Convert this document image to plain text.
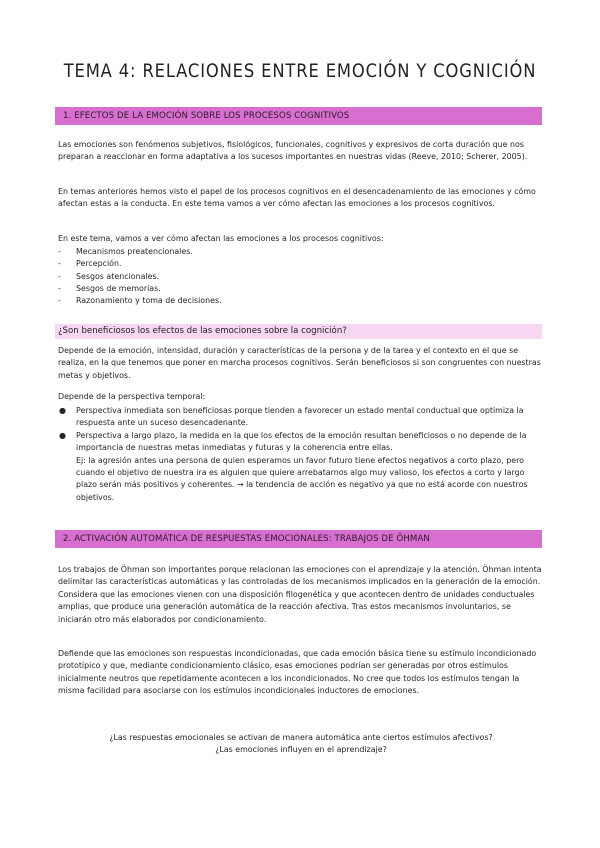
TEMA 4: RELACIONES ENTRE EMOCIÓN Y COGNICIÓN
1. EFECTOS DE LA EMOCIÓN SOBRE LOS PROCESOS COGNITIVOS

Las emociones son fenómenos subjetivos, fisiológicos, funcionales, cognitivos y expresivos de corta duración que nos preparan a reaccionar en forma adaptativa a los sucesos importantes en nuestras vidas (Reeve, 2010; Scherer, 2005).

En temas anteriores hemos visto el papel de los procesos cognitivos en el desencadenamiento de las emociones y cómo afectan estas a la conducta. En este tema vamos a ver cómo afectan las emociones a los procesos cognitivos.

En este tema, vamos a ver cómo afectan las emociones a los procesos cognitivos:

- Mecanismos preatencionales.
- Percepción.
- Sesgos atencionales.
- Sesgos de memorias.
- Razonamiento y toma de decisiones.
¿Son beneficiosos los efectos de las emociones sobre la cognición?

Depende de la emoción, intensidad, duración y características de la persona y de la tarea y el contexto en el que se realiza, en la que tenemos que poner en marcha procesos cognitivos. Serán beneficiosos si son congruentes con nuestras metas y objetivos.

Depende de la perspectiva temporal:

● Perspectiva inmediata son beneficiosas porque tienden a favorecer un estado mental conductual que optimiza la respuesta ante un suceso desencadenante.
● Perspectiva a largo plazo, la medida en la que los efectos de la emoción resultan beneficiosos o no depende de la importancia de nuestras metas inmediatas y futuras y la coherencia entre ellas.
Ej: la agresión antes una persona de quien esperamos un favor futuro tiene efectos negativos a corto plazo, pero cuando el objetivo de nuestra ira es alguien que quiere arrebatarnos algo muy valioso, los efectos a corto y largo plazo serán más positivos y coherentes. → la tendencia de acción es negativo ya que no está acorde con nuestros objetivos.
2. ACTIVACIÓN AUTOMÁTICA DE RESPUESTAS EMOCIONALES: TRABAJOS DE ÖHMAN

Los trabajos de Öhman son importantes porque relacionan las emociones con el aprendizaje y la atención. Öhman intenta delimitar las características automáticas y las controladas de los mecanismos implicados en la generación de la emoción. Considera que las emociones vienen con una disposición filogenética y que acontecen dentro de unidades conductuales amplias, que produce una generación automática de la reacción afectiva. Tras estos mecanismos involuntarios, se iniciarán otro más elaborados por condicionamiento.

Defiende que las emociones son respuestas incondicionadas, que cada emoción básica tiene su estímulo incondicionado prototípico y que, mediante condicionamiento clásico, esas emociones podrían ser generadas por otros estímulos inicialmente neutros que repetidamente acontecen a los incondicionados. No cree que todos los estímulos tengan la misma facilidad para asociarse con los estímulos incondicionales inductores de emociones.

¿Las respuestas emocionales se activan de manera automática ante ciertos estímulos afectivos?

¿Las emociones influyen en el aprendizaje?
